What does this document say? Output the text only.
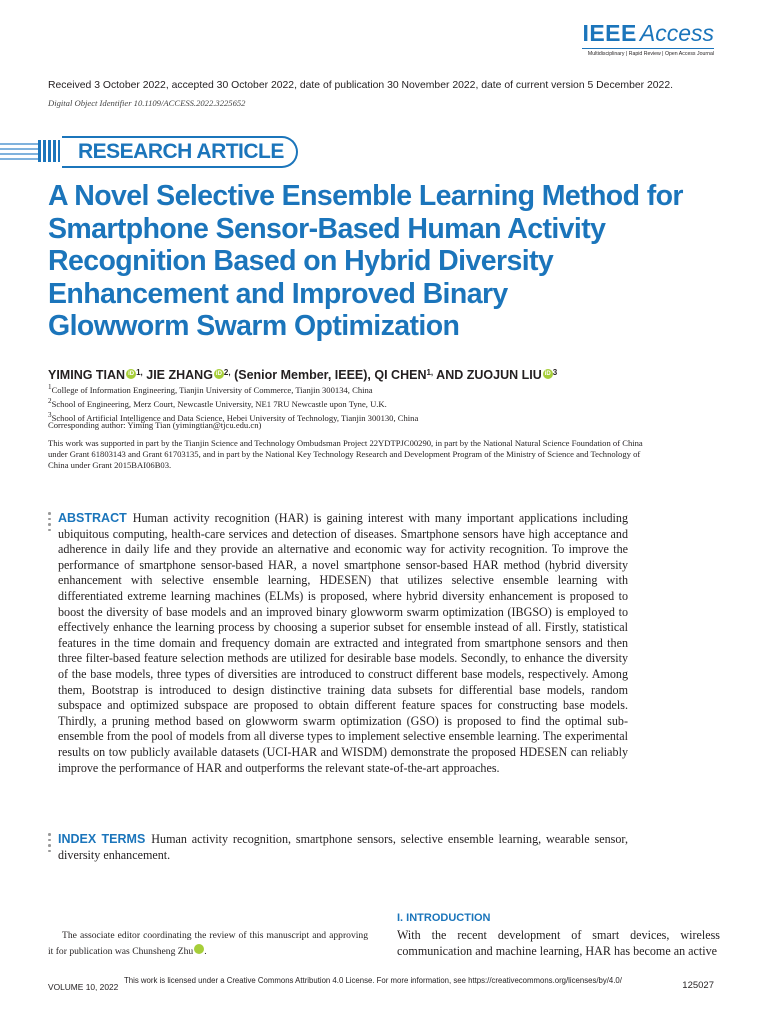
IEEE Access
Multidisciplinary | Rapid Review | Open Access Journal
Received 3 October 2022, accepted 30 October 2022, date of publication 30 November 2022, date of current version 5 December 2022.
Digital Object Identifier 10.1109/ACCESS.2022.3225652
RESEARCH ARTICLE
A Novel Selective Ensemble Learning Method for
Smartphone Sensor-Based Human Activity
Recognition Based on Hybrid Diversity
Enhancement and Improved Binary
Glowworm Swarm Optimization
YIMING TIAN iD $^{1,}$ JIE ZHANG iD $^{2,}$ (Senior Member, IEEE), QI $CHEN^{1,}$ AND ZUOJUN LIU iD $^3$
$^1$College of Information Engineering, Tianjin University of Commerce, Tianjin 300134, China
$^2$School of Engineering, Merz Court, Newcastle University, NE1 7RU Newcastle upon Tyne, U.K.
$^3$School of Artificial Intelligence and Data Science, Hebei University of Technology, Tianjin 300130, China
Corresponding author: Yiming Tian (yimingtian@tjcu.edu.cn)
This work was supported in part by the Tianjin Science and Technology Ombudsman Project 22YDTPJC00290, in part by the National Natural Science Foundation of China under Grant 61803143 and Grant 61703135, and in part by the National Key Technology Research and Development Program of the Ministry of Science and Technology of China under Grant 2015BAI06B03.
ABSTRACT Human activity recognition (HAR) is gaining interest with many important applications including ubiquitous computing, health-care services and detection of diseases. Smartphone sensors have high acceptance and adherence in daily life and they provide an alternative and economic way for activity recognition. To improve the performance of smartphone sensor-based HAR, a novel smartphone sensor-based HAR method (hybrid diversity enhancement with selective ensemble learning, HDESEN) that utilizes selective ensemble learning with differentiated extreme learning machines (ELMs) is proposed, where hybrid diversity enhancement is proposed to boost the diversity of base models and an improved binary glowworm swarm optimization (IBGSO) is employed to effectively enhance the learning process by choosing a superior subset for ensemble instead of all. Firstly, statistical features in the time domain and frequency domain are extracted and integrated from smartphone sensors and then three filter-based feature selection methods are utilized for desirable base models. Secondly, to enhance the diversity of the base models, three types of diversities are introduced to construct different base models, respectively. Among them, Bootstrap is introduced to design distinctive training data subsets for differential base models, random subspace and optimized subspace are proposed to obtain different feature spaces for constructing base models. Thirdly, a pruning method based on glowworm swarm optimization (GSO) is proposed to find the optimal sub-ensemble from the pool of models from all diverse types to implement selective ensemble learning. The experimental results on tow publicly available datasets (UCI-HAR and WISDM) demonstrate the proposed HDESEN can reliably improve the performance of HAR and outperforms the relevant state-of-the-art approaches.
INDEX TERMS Human activity recognition, smartphone sensors, selective ensemble learning, wearable sensor, diversity enhancement.
The associate editor coordinating the review of this manuscript and approving it for publication was Chunsheng Zhu	iD.
I. INTRODUCTION
With the recent development of smart devices, wireless communication and machine learning, HAR has become an active
VOLUME 10, 2022
This work is licensed under a Creative Commons Attribution 4.0 License. For more information, see https://creativecommons.org/licenses/by/4.0/	125027
